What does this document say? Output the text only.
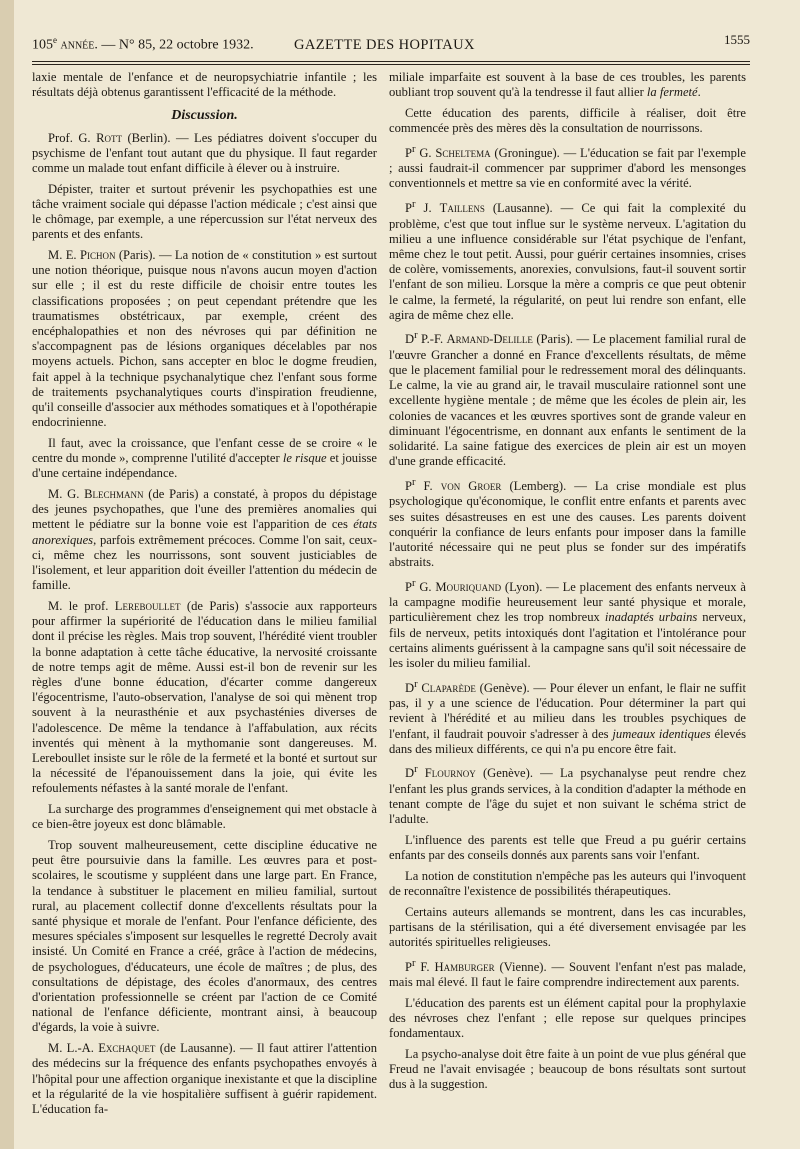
105e année. — N° 85, 22 octobre 1932.	GAZETTE DES HOPITAUX	1555

laxie mentale de l'enfance et de neuropsychiatrie infantile ; les résultats déjà obtenus garantissent l'efficacité de la méthode.

Discussion.

Prof. G. Rott (Berlin). — Les pédiatres doivent s'occuper du psychisme de l'enfant tout autant que du physique. Il faut regarder comme un malade tout enfant difficile à élever ou à instruire.

Dépister, traiter et surtout prévenir les psychopathies est une tâche vraiment sociale qui dépasse l'action médicale ; c'est ainsi que le chômage, par exemple, a une répercussion sur l'état nerveux des parents et des enfants.

M. E. Pichon (Paris). — La notion de « constitution » est surtout une notion théorique, puisque nous n'avons aucun moyen d'action sur elle ; il est du reste difficile de choisir entre toutes les classifications proposées ; on peut cependant prétendre que les traumatismes obstétricaux, par exemple, créent des encéphalopathies et non des névroses qui par définition ne s'accompagnent pas de lésions organiques décelables par nos moyens actuels. Pichon, sans accepter en bloc le dogme freudien, fait appel à la technique psychanalytique chez l'enfant sous forme de traitements psychanalytiques courts d'inspiration freudienne, qu'il conseille d'associer aux méthodes somatiques et à l'opothérapie endocrinienne.

Il faut, avec la croissance, que l'enfant cesse de se croire « le centre du monde », comprenne l'utilité d'accepter le risque et jouisse d'une certaine indépendance.

M. G. Blechmann (de Paris) a constaté, à propos du dépistage des jeunes psychopathes, que l'une des premières anomalies qui mettent le pédiatre sur la bonne voie est l'apparition de ces états anorexiques, parfois extrêmement précoces. Comme l'on sait, ceux-ci, même chez les nourrissons, sont souvent justiciables de l'isolement, et leur apparition doit éveiller l'attention du médecin de famille.

M. le prof. Lereboullet (de Paris) s'associe aux rapporteurs pour affirmer la supériorité de l'éducation dans le milieu familial dont il précise les règles. Mais trop souvent, l'hérédité vient troubler la bonne adaptation à cette tâche éducative, la nervosité croissante de notre temps agit de même. Aussi est-il bon de revenir sur les règles d'une bonne éducation, d'écarter comme dangereux l'égocentrisme, l'auto-observation, l'analyse de soi qui mènent trop souvent à la neurasthénie et aux psychasténies diverses de l'adolescence. De même la tendance à l'affabulation, aux récits inventés qui mènent à la mythomanie sont dangereuses. M. Lereboullet insiste sur le rôle de la fermeté et la bonté et surtout sur la nécessité de l'épanouissement dans la joie, qui évite les refoulements néfastes à la santé morale de l'enfant.

La surcharge des programmes d'enseignement qui met obstacle à ce bien-être joyeux est donc blâmable.

Trop souvent malheureusement, cette discipline éducative ne peut être poursuivie dans la famille. Les œuvres para et post-scolaires, le scoutisme y suppléent dans une large part. En France, la tendance à substituer le placement en milieu familial, surtout rural, au placement collectif donne d'excellents résultats pour la santé physique et morale de l'enfant. Pour l'enfance déficiente, des mesures spéciales s'imposent sur lesquelles le regretté Decroly avait insisté. Un Comité en France a créé, grâce à l'action de médecins, de psychologues, d'éducateurs, une école de maîtres ; de plus, des consultations de dépistage, des écoles d'anormaux, des centres d'orientation professionnelle se créent par l'action de ce Comité national de l'enfance déficiente, montrant ainsi, à beaucoup d'égards, la voie à suivre.

M. L.-A. Exchaquet (de Lausanne). — Il faut attirer l'attention des médecins sur la fréquence des enfants psychopathes envoyés à l'hôpital pour une affection organique inexistante et que la discipline et la régularité de la vie hospitalière suffisent à guérir rapidement. L'éducation fa-

miliale imparfaite est souvent à la base de ces troubles, les parents oubliant trop souvent qu'à la tendresse il faut allier la fermeté.

Cette éducation des parents, difficile à réaliser, doit être commencée près des mères dès la consultation de nourrissons.

$P^r$ G. Scheltema (Groningue). — L'éducation se fait par l'exemple ; aussi faudrait-il commencer par supprimer d'abord les mensonges conventionnels et mettre sa vie en conformité avec la vérité.

$P^r$ J. Taillens (Lausanne). — Ce qui fait la complexité du problème, c'est que tout influe sur le système nerveux. L'agitation du milieu a une influence considérable sur l'état psychique de l'enfant, même chez le tout petit. Aussi, pour guérir certaines insomnies, crises de colère, vomissements, anorexies, convulsions, faut-il souvent sortir l'enfant de son milieu. Lorsque la mère a compris ce que peut obtenir le calme, la fermeté, la régularité, on peut lui rendre son enfant, elle agira de même chez elle.

$D^r$ P.-F. Armand-Delille (Paris). — Le placement familial rural de l'œuvre Grancher a donné en France d'excellents résultats, de même que le placement familial pour le redressement moral des délinquants. Le calme, la vie au grand air, le travail musculaire rationnel sont une excellente hygiène mentale ; de même que les écoles de plein air, les colonies de vacances et les œuvres sportives sont de grande valeur en diminuant l'égocentrisme, en donnant aux enfants le sentiment de la solidarité. La saine fatigue des exercices de plein air est un moyen d'une grande efficacité.

$P^r$ F. von Groer (Lemberg). — La crise mondiale est plus psychologique qu'économique, le conflit entre enfants et parents avec ses suites désastreuses en est une des causes. Les parents doivent conquérir la confiance de leurs enfants pour imposer dans la famille l'autorité nécessaire qui ne peut plus se fonder sur des impératifs abstraits.

$P^r$ G. Mouriquand (Lyon). — Le placement des enfants nerveux à la campagne modifie heureusement leur santé physique et morale, particulièrement chez les trop nombreux inadaptés urbains nerveux, fils de nerveux, petits intoxiqués dont l'agitation et l'intolérance pour certains aliments guérissent à la campagne sans qu'il soit nécessaire de les isoler du milieu familial.

$D^r$ Claparède (Genève). — Pour élever un enfant, le flair ne suffit pas, il y a une science de l'éducation. Pour déterminer la part qui revient à l'hérédité et au milieu dans les troubles psychiques de l'enfant, il faudrait pouvoir s'adresser à des jumeaux identiques élevés dans des milieux différents, ce qui n'a pu encore être fait.

$D^r$ Flournoy (Genève). — La psychanalyse peut rendre chez l'enfant les plus grands services, à la condition d'adapter la méthode en tenant compte de l'âge du sujet et non suivant le schéma strict de l'adulte.

L'influence des parents est telle que Freud a pu guérir certains enfants par des conseils donnés aux parents sans voir l'enfant.

La notion de constitution n'empêche pas les auteurs qui l'invoquent de reconnaître l'existence de possibilités thérapeutiques.

Certains auteurs allemands se montrent, dans les cas incurables, partisans de la stérilisation, qui a été diversement envisagée par les autorités spirituelles religieuses.

$P^r$ F. Hamburger (Vienne). — Souvent l'enfant n'est pas malade, mais mal élevé. Il faut le faire comprendre indirectement aux parents.

L'éducation des parents est un élément capital pour la prophylaxie des névroses chez l'enfant ; elle repose sur quelques principes fondamentaux.

La psycho-analyse doit être faite à un point de vue plus général que Freud ne l'avait envisagée ; beaucoup de bons résultats sont surtout dus à la suggestion.
